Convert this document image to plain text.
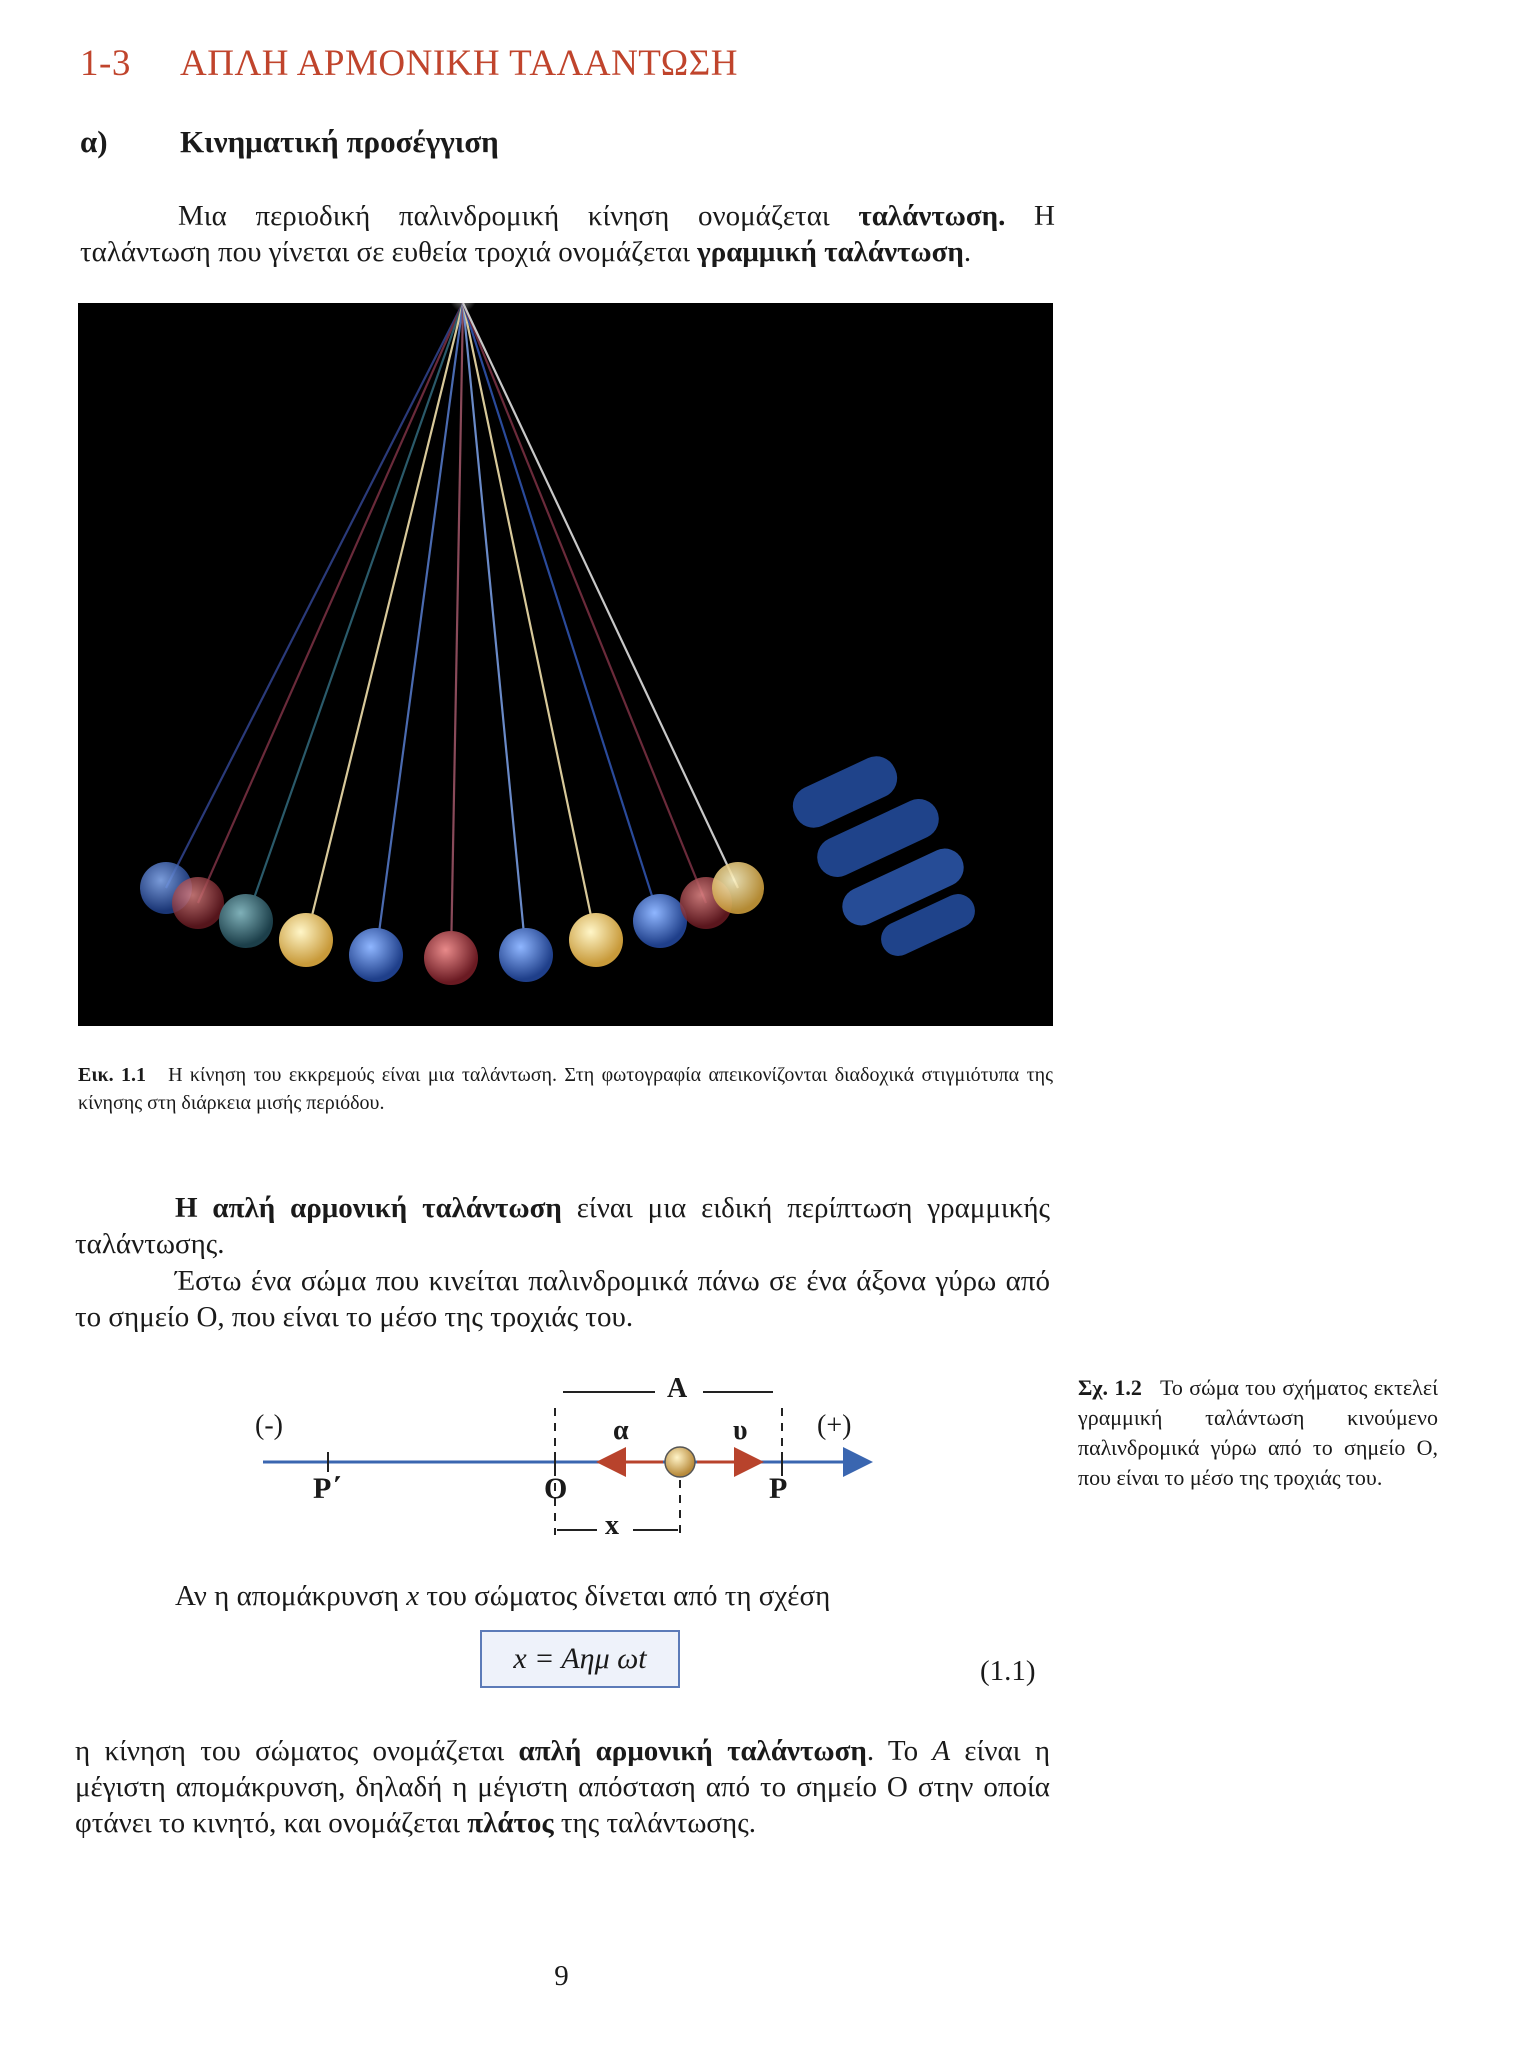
1-3 ΑΠΛΗ ΑΡΜΟΝΙΚΗ ΤΑΛΑΝΤΩΣΗ
α) Κινηματική προσέγγιση
Μια περιοδική παλινδρομική κίνηση ονομάζεται ταλάντωση. Η ταλάντωση που γίνεται σε ευθεία τροχιά ονομάζεται γραμμική ταλάντωση.
Εικ. 1.1 Η κίνηση του εκκρεμούς είναι μια ταλάντωση. Στη φωτογραφία απεικονίζονται διαδοχικά στιγμιότυπα της κίνησης στη διάρκεια μισής περιόδου.
Η απλή αρμονική ταλάντωση είναι μια ειδική περίπτωση γραμμικής ταλάντωσης.
Έστω ένα σώμα που κινείται παλινδρομικά πάνω σε ένα άξονα γύρω από το σημείο Ο, που είναι το μέσο της τροχιάς του.
(-)	(+)
Ρ΄	Ο	Ρ
Α
α	υ
x
Σχ. 1.2 Το σώμα του σχήματος εκτελεί γραμμική ταλάντωση κινούμενο παλινδρομικά γύρω από το σημείο Ο, που είναι το μέσο της τροχιάς του.
Αν η απομάκρυνση x του σώματος δίνεται από τη σχέση
x = Aημ ωt	(1.1)
η κίνηση του σώματος ονομάζεται απλή αρμονική ταλάντωση. Το Α είναι η μέγιστη απομάκρυνση, δηλαδή η μέγιστη απόσταση από το σημείο Ο στην οποία φτάνει το κινητό, και ονομάζεται πλάτος της ταλάντωσης.
9
